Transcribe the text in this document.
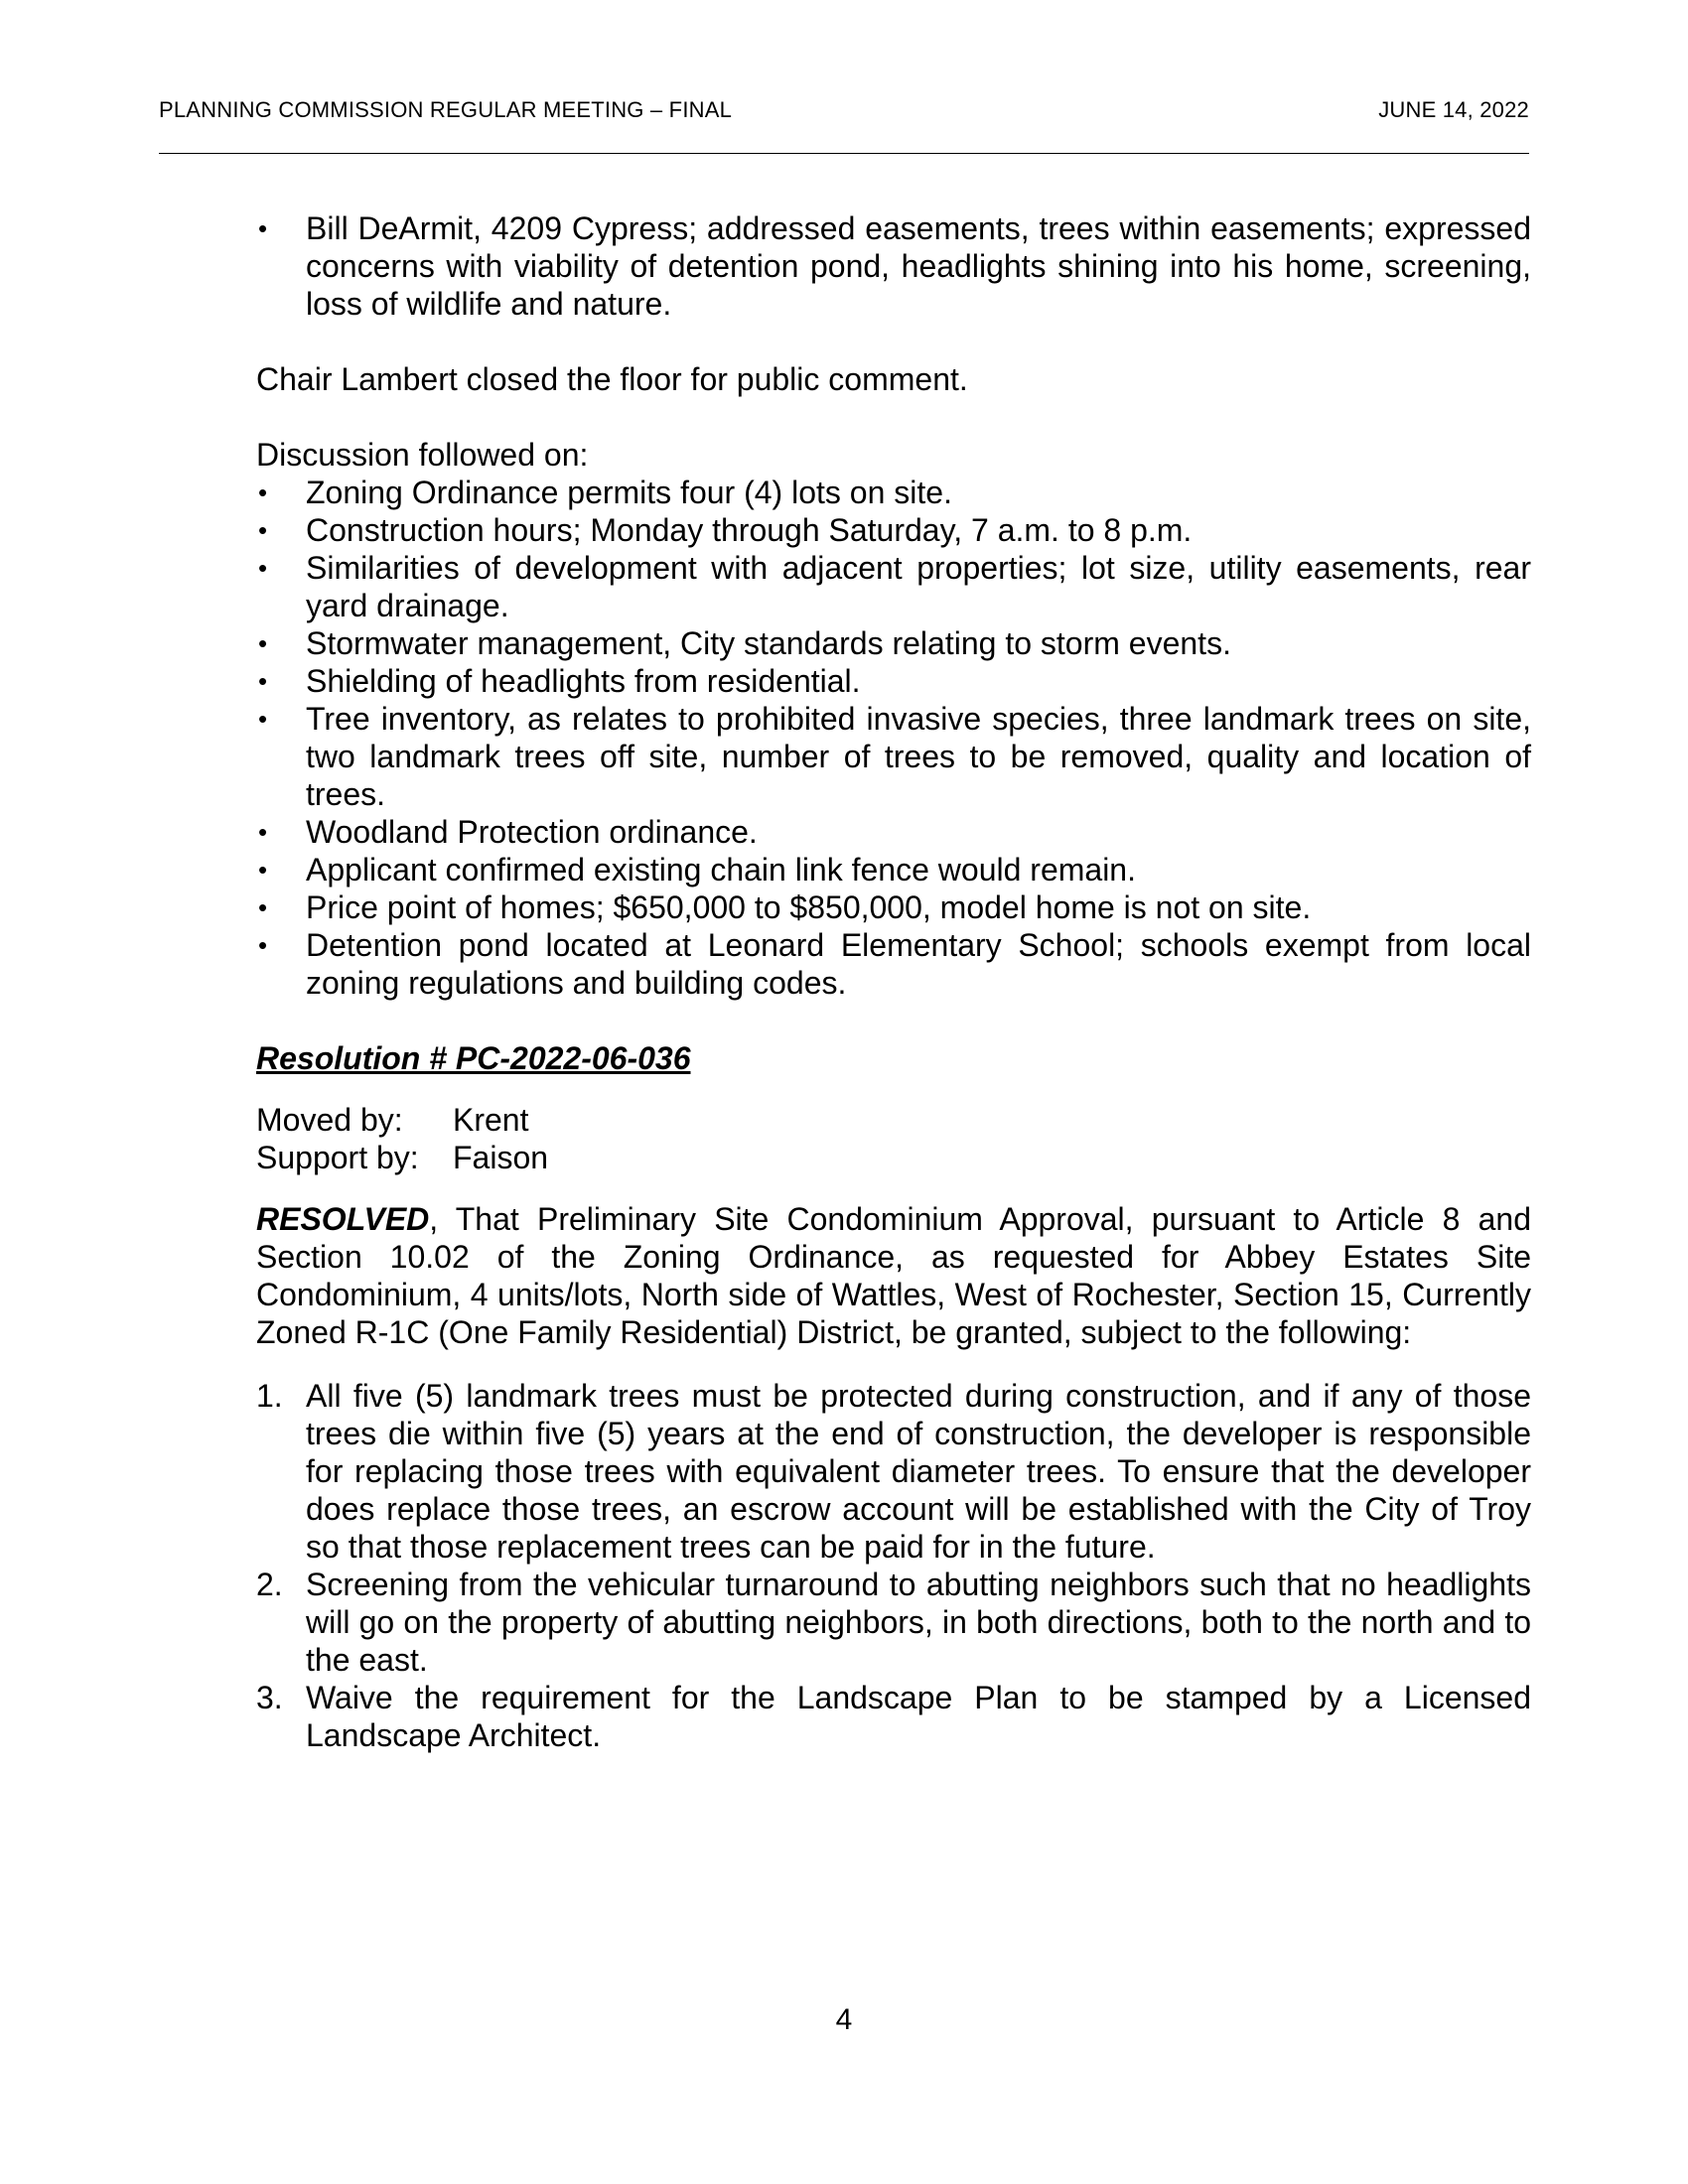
PLANNING COMMISSION REGULAR MEETING – FINAL	JUNE 14, 2022
• Bill DeArmit, 4209 Cypress; addressed easements, trees within easements; expressed concerns with viability of detention pond, headlights shining into his home, screening, loss of wildlife and nature.

Chair Lambert closed the floor for public comment.

Discussion followed on:

• Zoning Ordinance permits four (4) lots on site.
• Construction hours; Monday through Saturday, 7 a.m. to 8 p.m.
• Similarities of development with adjacent properties; lot size, utility easements, rear yard drainage.
• Stormwater management, City standards relating to storm events.
• Shielding of headlights from residential.
• Tree inventory, as relates to prohibited invasive species, three landmark trees on site, two landmark trees off site, number of trees to be removed, quality and location of trees.
• Woodland Protection ordinance.
• Applicant confirmed existing chain link fence would remain.
• Price point of homes; $650,000 to $850,000, model home is not on site.
• Detention pond located at Leonard Elementary School; schools exempt from local zoning regulations and building codes.

Resolution # PC-2022-06-036

Moved by:	Krent
Support by:	Faison

RESOLVED, That Preliminary Site Condominium Approval, pursuant to Article 8 and Section 10.02 of the Zoning Ordinance, as requested for Abbey Estates Site Condominium, 4 units/lots, North side of Wattles, West of Rochester, Section 15, Currently Zoned R-1C (One Family Residential) District, be granted, subject to the following:

1. All five (5) landmark trees must be protected during construction, and if any of those trees die within five (5) years at the end of construction, the developer is responsible for replacing those trees with equivalent diameter trees. To ensure that the developer does replace those trees, an escrow account will be established with the City of Troy so that those replacement trees can be paid for in the future.
2. Screening from the vehicular turnaround to abutting neighbors such that no headlights will go on the property of abutting neighbors, in both directions, both to the north and to the east.
3. Waive the requirement for the Landscape Plan to be stamped by a Licensed Landscape Architect.
4
